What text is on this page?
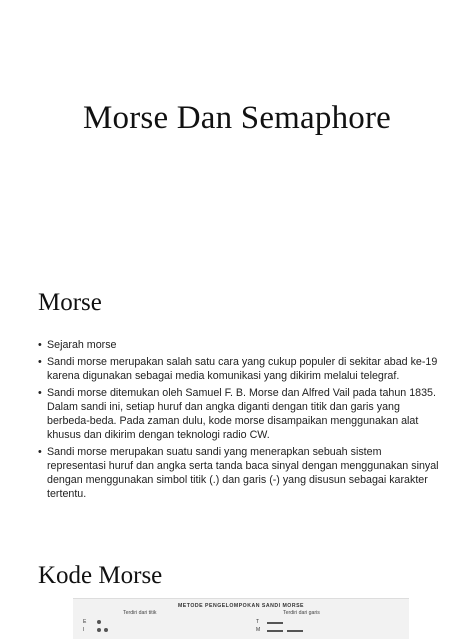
Morse Dan Semaphore
Morse
• Sejarah morse
• Sandi morse merupakan salah satu cara yang cukup populer di sekitar abad ke-19 karena digunakan sebagai media komunikasi yang dikirim melalui telegraf.
• Sandi morse ditemukan oleh Samuel F. B. Morse dan Alfred Vail pada tahun 1835. Dalam sandi ini, setiap huruf dan angka diganti dengan titik dan garis yang berbeda-beda. Pada zaman dulu, kode morse disampaikan menggunakan alat khusus dan dikirim dengan teknologi radio CW.
• Sandi morse merupakan suatu sandi yang menerapkan sebuah sistem representasi huruf dan angka serta tanda baca sinyal dengan menggunakan sinyal dengan menggunakan simbol titik (.) dan garis (-) yang disusun sebagai karakter tertentu.
Kode Morse
METODE PENGELOMPOKAN SANDI MORSE
Terdiri dari titik	Terdiri dari garis
E
I
T
M
